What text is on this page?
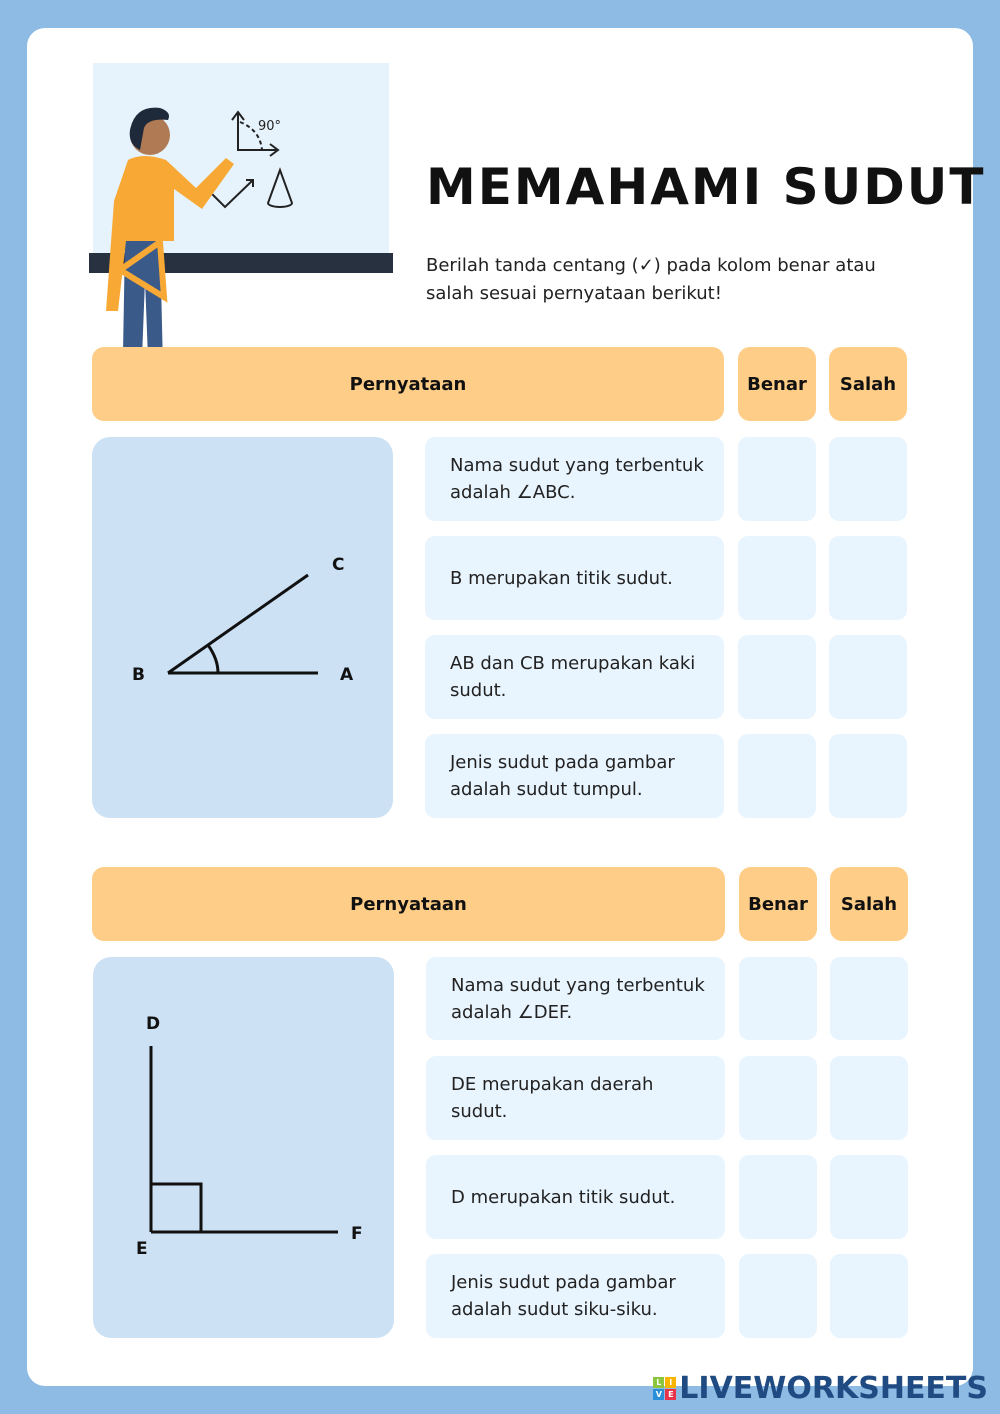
90°
MEMAHAMI SUDUT
Berilah tanda centang (✓) pada kolom benar atau salah sesuai pernyataan berikut!
Pernyataan	Benar	Salah
B	A
C
Nama sudut yang terbentuk adalah ∠ABC.
B merupakan titik sudut.
AB dan CB merupakan kaki sudut.
Jenis sudut pada gambar adalah sudut tumpul.
Pernyataan	Benar	Salah
D
E
F
Nama sudut yang terbentuk adalah ∠DEF.
DE merupakan daerah sudut.
D merupakan titik sudut.
Jenis sudut pada gambar adalah sudut siku-siku.
L I
V E LIVEWORKSHEETS
